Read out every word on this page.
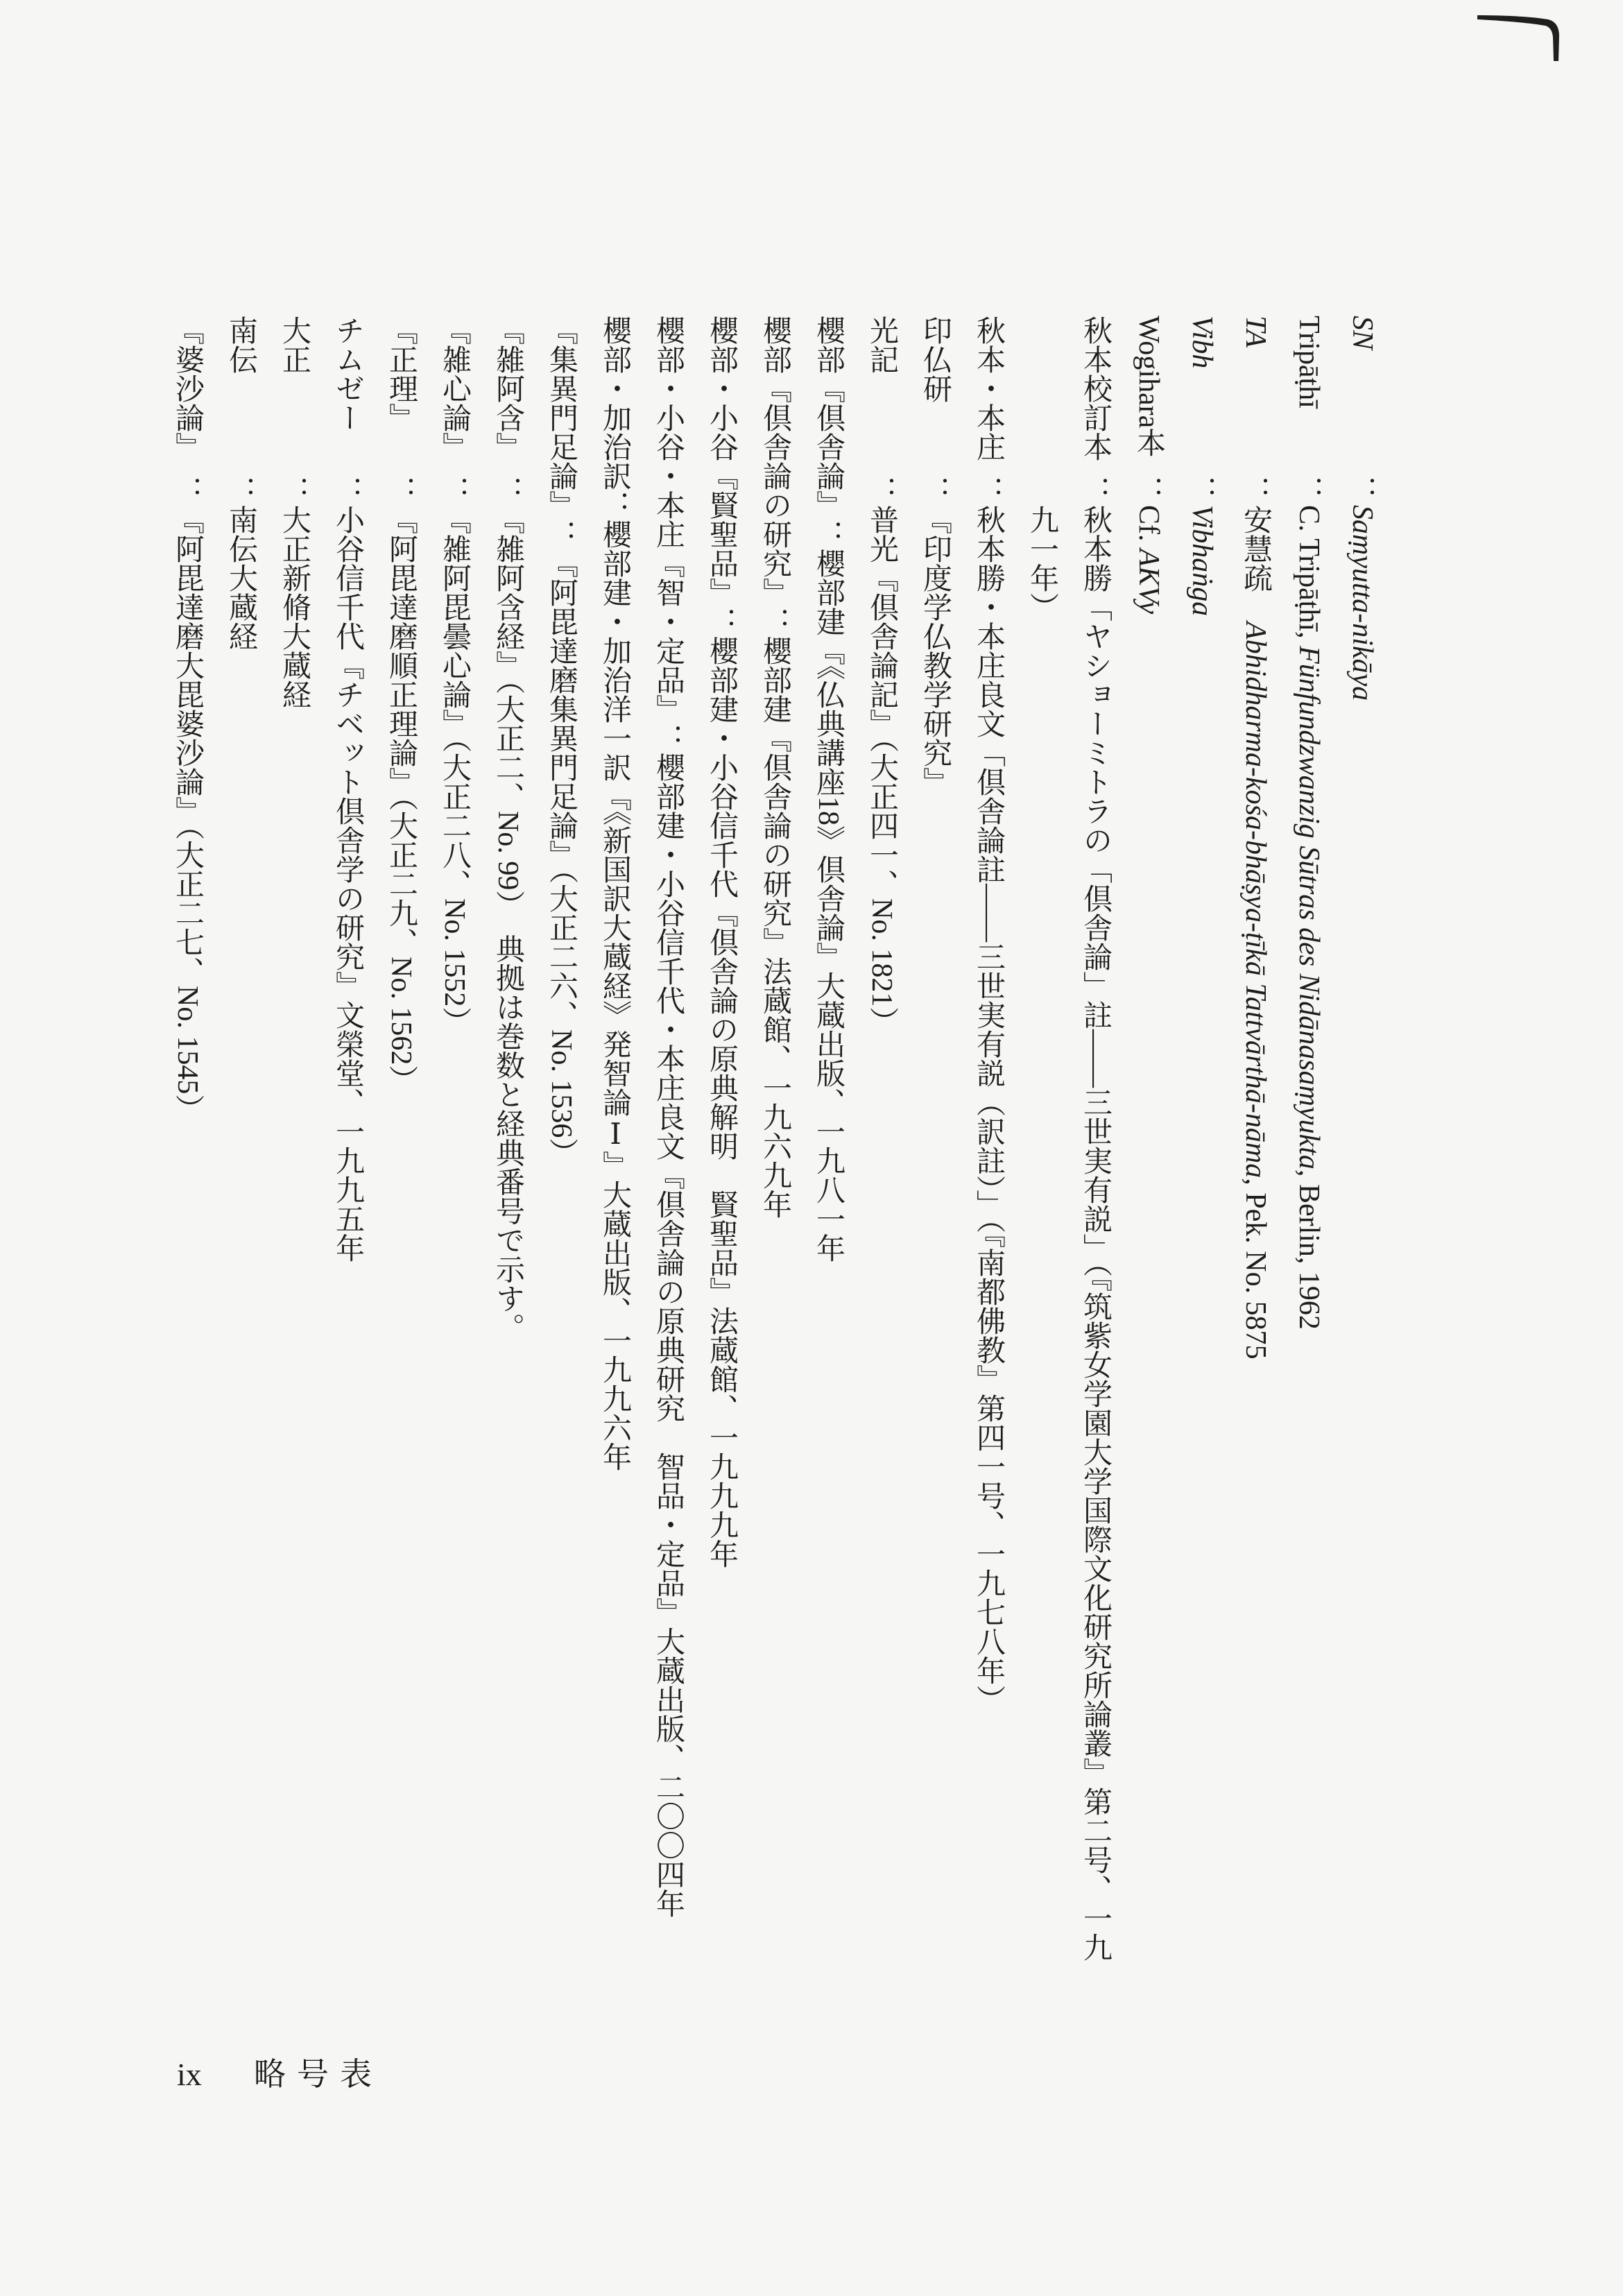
SN
：
Saṃyutta-nikāya
Tripāṭhī
：
C. Tripāṭhī, Fünfundzwanzig Sūtras des Nidānasaṃyukta, Berlin, 1962
TA
：
安慧疏　Abhidharma-kośa-bhāṣya-ṭīkā Tattvārthā-nāma, Pek. No. 5875
Vibh
：
Vibhaṅga
Wogihara本
：
Cf. AKVy
秋本校訂本
：
秋本勝「ヤショーミトラの「倶舎論」註――三世実有説」（『筑紫女学園大学国際文化研究所論叢』第二号、一九
九一年）
秋本・本庄
：
秋本勝・本庄良文「倶舎論註――三世実有説（訳註）」（『南都佛教』第四一号、一九七八年）
印仏研
：
『印度学仏教学研究』
光記
：
普光『倶舎論記』（大正四一、No. 1821）
櫻部『倶舎論』
：
櫻部建『《仏典講座18》倶舎論』大蔵出版、一九八一年
櫻部『倶舎論の研究』
：
櫻部建『倶舎論の研究』法蔵館、一九六九年
櫻部・小谷『賢聖品』
：
櫻部建・小谷信千代『倶舎論の原典解明　賢聖品』法蔵館、一九九九年
櫻部・小谷・本庄『智・定品』
：
櫻部建・小谷信千代・本庄良文『倶舎論の原典研究　智品・定品』大蔵出版、二〇〇四年
櫻部・加治訳
：
櫻部建・加治洋一訳『《新国訳大蔵経》発智論Ⅰ』大蔵出版、一九九六年
『集異門足論』
：
『阿毘達磨集異門足論』（大正二六、No. 1536）
『雑阿含』
：
『雑阿含経』（大正二、No. 99）　典拠は巻数と経典番号で示す。
『雑心論』
：
『雑阿毘曇心論』（大正二八、No. 1552）
『正理』
：
『阿毘達磨順正理論』（大正二九、No. 1562）
チムゼー
：
小谷信千代『チベット倶舎学の研究』文榮堂、一九九五年
大正
：
大正新脩大蔵経
南伝
：
南伝大蔵経
『婆沙論』
：
『阿毘達磨大毘婆沙論』（大正二七、No. 1545）
ix 略号表
